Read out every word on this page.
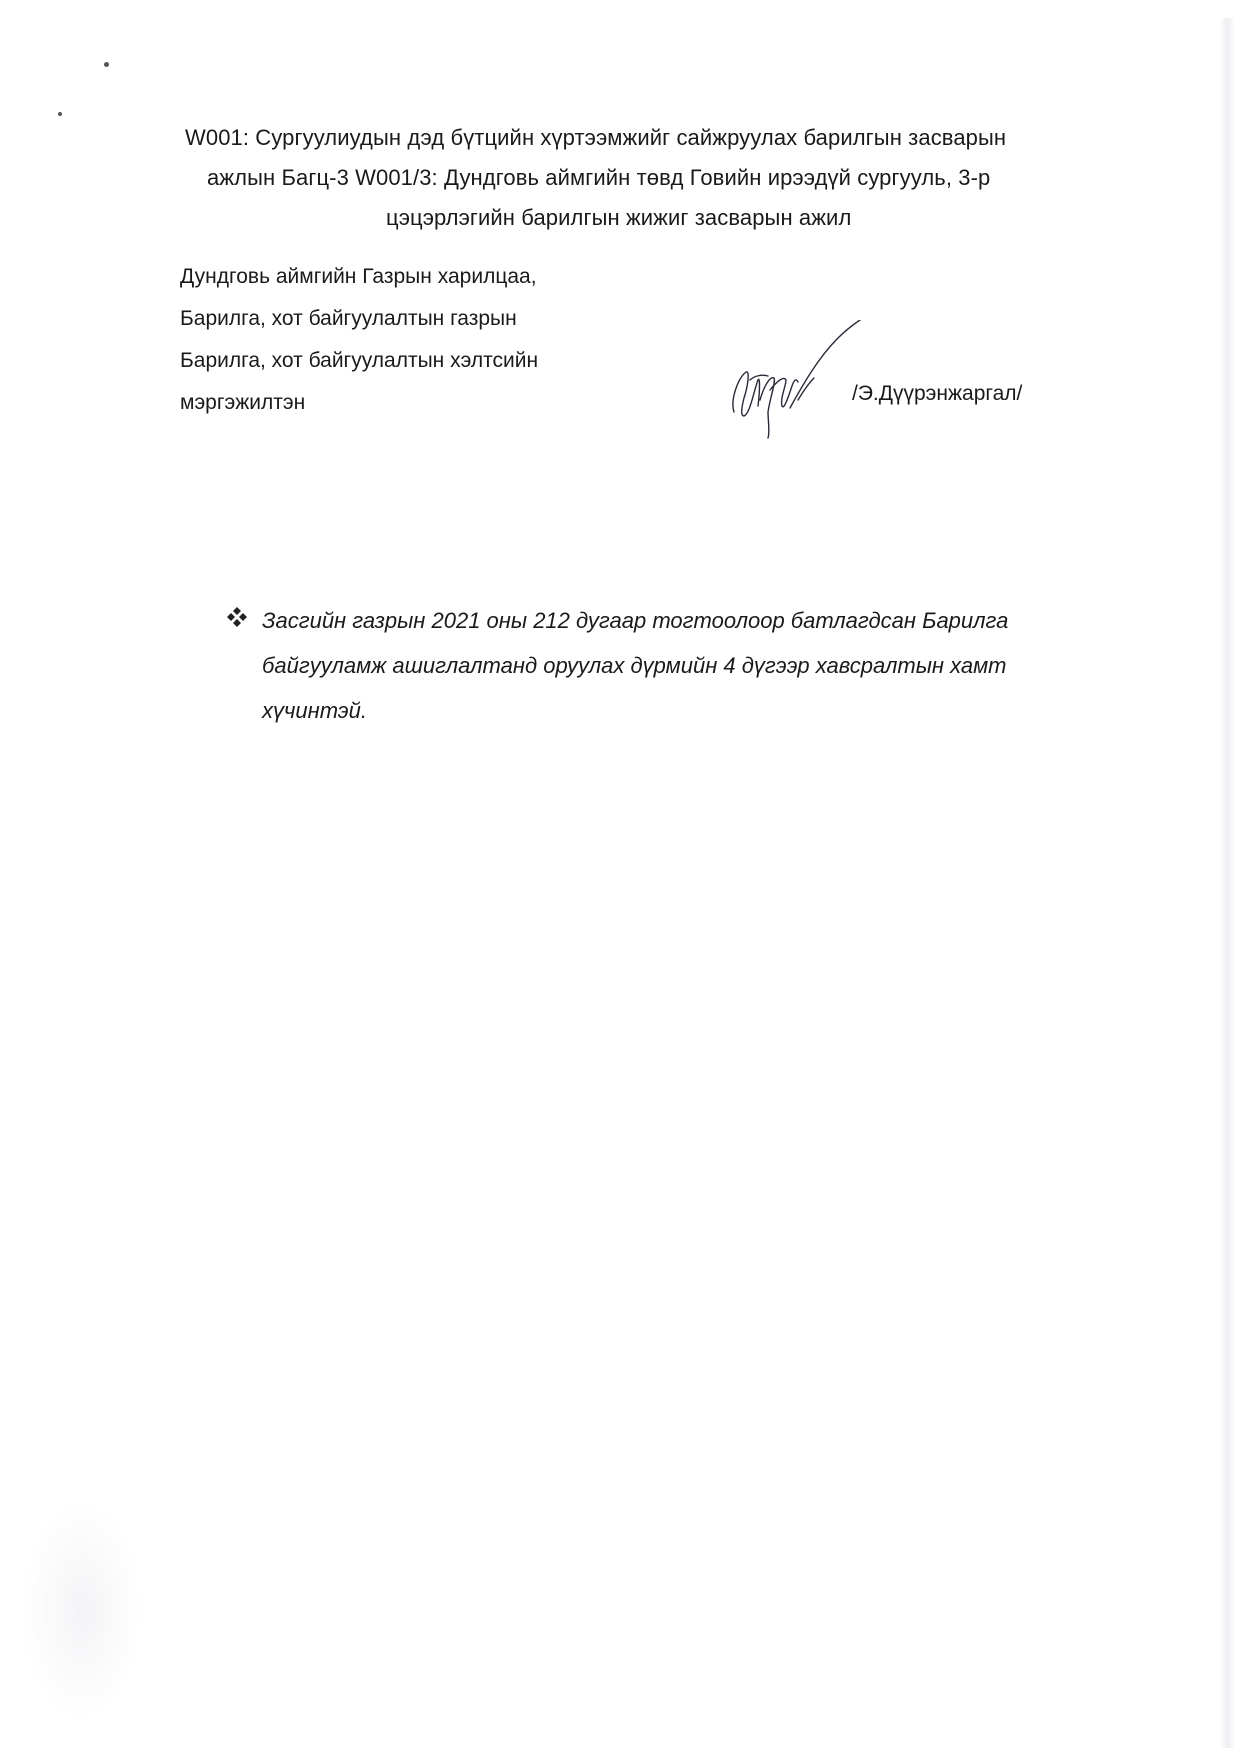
W001: Сургуулиудын дэд бүтцийн хүртээмжийг сайжруулах барилгын засварын
ажлын Багц-3 W001/3: Дундговь аймгийн төвд Говийн ирээдүй сургууль, 3-р
цэцэрлэгийн барилгын жижиг засварын ажил
Дундговь аймгийн Газрын харилцаа,
Барилга, хот байгуулалтын газрын
Барилга, хот байгуулалтын хэлтсийн
мэргэжилтэн	/Э.Дүүрэнжаргал/
Засгийн газрын 2021 оны 212 дугаар тогтоолоор батлагдсан Барилга
байгууламж ашиглалтанд оруулах дүрмийн 4 дүгээр хавсралтын хамт
хүчинтэй.
